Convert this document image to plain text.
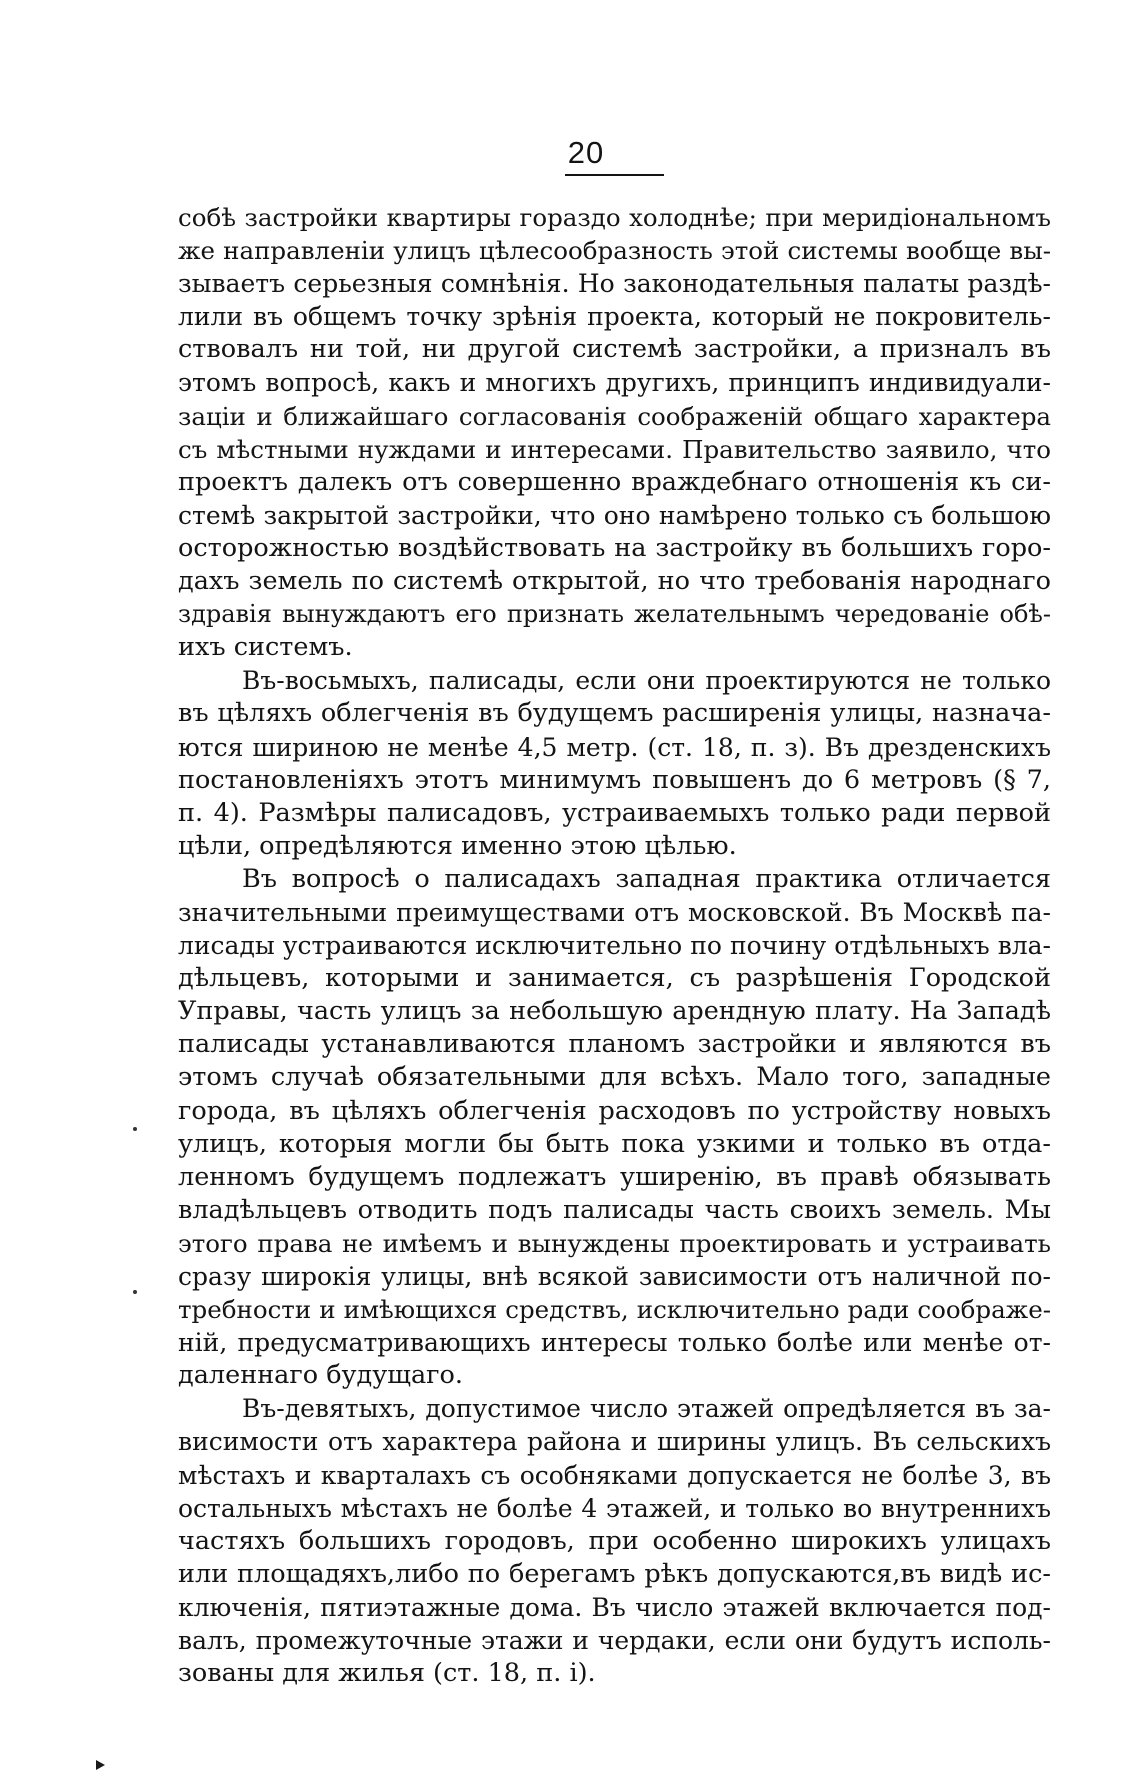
20
собѣ застройки квартиры гораздо холоднѣе; при меридіональномъ
же направленіи улицъ цѣлесообразность этой системы вообще вы-
зываетъ серьезныя сомнѣнія. Но законодательныя палаты раздѣ-
лили въ общемъ точку зрѣнія проекта, который не покровитель-
ствовалъ ни той, ни другой системѣ застройки, а призналъ въ
этомъ вопросѣ, какъ и многихъ другихъ, принципъ индивидуали-
заціи и ближайшаго согласованія соображеній общаго характера
съ мѣстными нуждами и интересами. Правительство заявило, что
проектъ далекъ отъ совершенно враждебнаго отношенія къ си-
стемѣ закрытой застройки, что оно намѣрено только съ большою
осторожностью воздѣйствовать на застройку въ большихъ горо-
дахъ земель по системѣ открытой, но что требованія народнаго
здравія вынуждаютъ его признать желательнымъ чередованіе обѣ-
ихъ системъ.
Въ-восьмыхъ, палисады, если они проектируются не только
въ цѣляхъ облегченія въ будущемъ расширенія улицы, назнача-
ются шириною не менѣе 4,5 метр. (ст. 18, п. з). Въ дрезденскихъ
постановленіяхъ этотъ минимумъ повышенъ до 6 метровъ (§ 7,
п. 4). Размѣры палисадовъ, устраиваемыхъ только ради первой
цѣли, опредѣляются именно этою цѣлью.
Въ вопросѣ о палисадахъ западная практика отличается
значительными преимуществами отъ московской. Въ Москвѣ па-
лисады устраиваются исключительно по почину отдѣльныхъ вла-
дѣльцевъ, которыми и занимается, съ разрѣшенія Городской
Управы, часть улицъ за небольшую арендную плату. На Западѣ
палисады устанавливаются планомъ застройки и являются въ
этомъ случаѣ обязательными для всѣхъ. Мало того, западные
города, въ цѣляхъ облегченія расходовъ по устройству новыхъ
улицъ, которыя могли бы быть пока узкими и только въ отда-
ленномъ будущемъ подлежатъ уширенію, въ правѣ обязывать
владѣльцевъ отводить подъ палисады часть своихъ земель. Мы
этого права не имѣемъ и вынуждены проектировать и устраивать
сразу широкія улицы, внѣ всякой зависимости отъ наличной по-
требности и имѣющихся средствъ, исключительно ради соображе-
ній, предусматривающихъ интересы только болѣе или менѣе от-
даленнаго будущаго.
Въ-девятыхъ, допустимое число этажей опредѣляется въ за-
висимости отъ характера района и ширины улицъ. Въ сельскихъ
мѣстахъ и кварталахъ съ особняками допускается не болѣе 3, въ
остальныхъ мѣстахъ не болѣе 4 этажей, и только во внутреннихъ
частяхъ большихъ городовъ, при особенно широкихъ улицахъ
или площадяхъ,либо по берегамъ рѣкъ допускаются,въ видѣ ис-
ключенія, пятиэтажные дома. Въ число этажей включается под-
валъ, промежуточные этажи и чердаки, если они будутъ исполь-
зованы для жилья (ст. 18, п. і).
